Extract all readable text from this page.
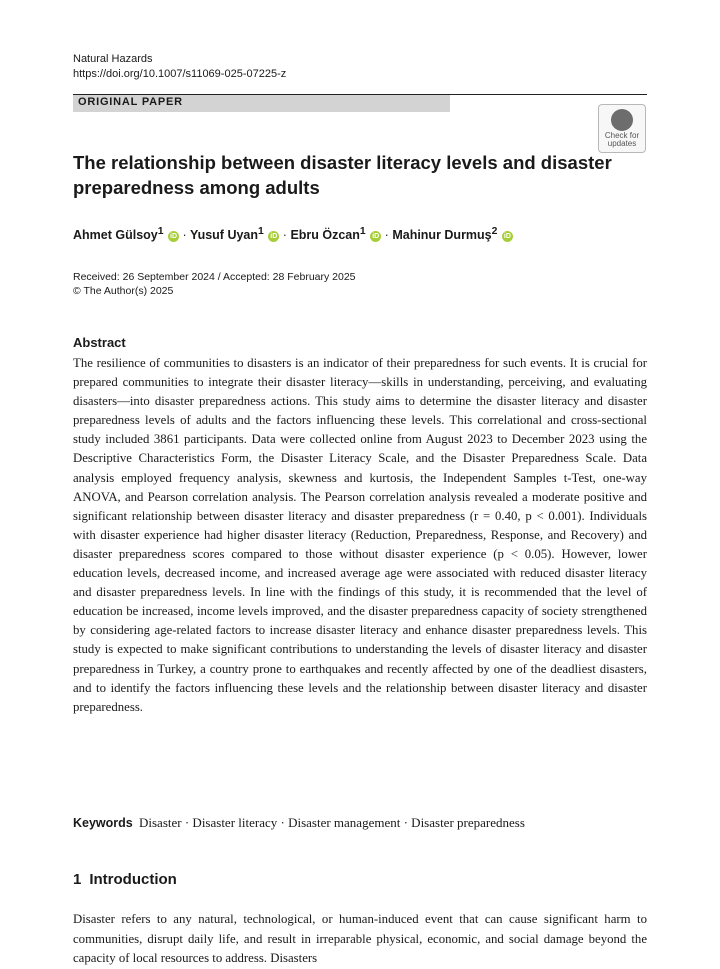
Natural Hazards
https://doi.org/10.1007/s11069-025-07225-z
ORIGINAL PAPER
Check for
updates
The relationship between disaster literacy levels and disaster preparedness among adults
Ahmet Gülsoy$^1$ iD · Yusuf Uyan$^1$ iD · Ebru Özcan$^1$ iD · Mahinur Durmuş$^2$ iD
Received: 26 September 2024 / Accepted: 28 February 2025
© The Author(s) 2025
Abstract

The resilience of communities to disasters is an indicator of their preparedness for such events. It is crucial for prepared communities to integrate their disaster literacy—skills in understanding, perceiving, and evaluating disasters—into disaster preparedness actions. This study aims to determine the disaster literacy and disaster preparedness levels of adults and the factors influencing these levels. This correlational and cross-sectional study included 3861 participants. Data were collected online from August 2023 to December 2023 using the Descriptive Characteristics Form, the Disaster Literacy Scale, and the Disaster Preparedness Scale. Data analysis employed frequency analysis, skewness and kurtosis, the Independent Samples t-Test, one-way ANOVA, and Pearson correlation analysis. The Pearson correlation analysis revealed a moderate positive and significant relationship between disaster literacy and disaster preparedness (r = 0.40, p < 0.001). Individuals with disaster experience had higher disaster literacy (Reduction, Preparedness, Response, and Recovery) and disaster preparedness scores compared to those without disaster experience (p < 0.05). However, lower education levels, decreased income, and increased average age were associated with reduced disaster literacy and disaster preparedness levels. In line with the findings of this study, it is recommended that the level of education be increased, income levels improved, and the disaster preparedness capacity of society strengthened by considering age-related factors to increase disaster literacy and enhance disaster preparedness levels. This study is expected to make significant contributions to understanding the levels of disaster literacy and disaster preparedness in Turkey, a country prone to earthquakes and recently affected by one of the deadliest disasters, and to identify the factors influencing these levels and the relationship between disaster literacy and disaster preparedness.

Keywords Disaster · Disaster literacy · Disaster management · Disaster preparedness
1 Introduction

Disaster refers to any natural, technological, or human-induced event that can cause significant harm to communities, disrupt daily life, and result in irreparable physical, economic, and social damage beyond the capacity of local resources to address. Disasters
